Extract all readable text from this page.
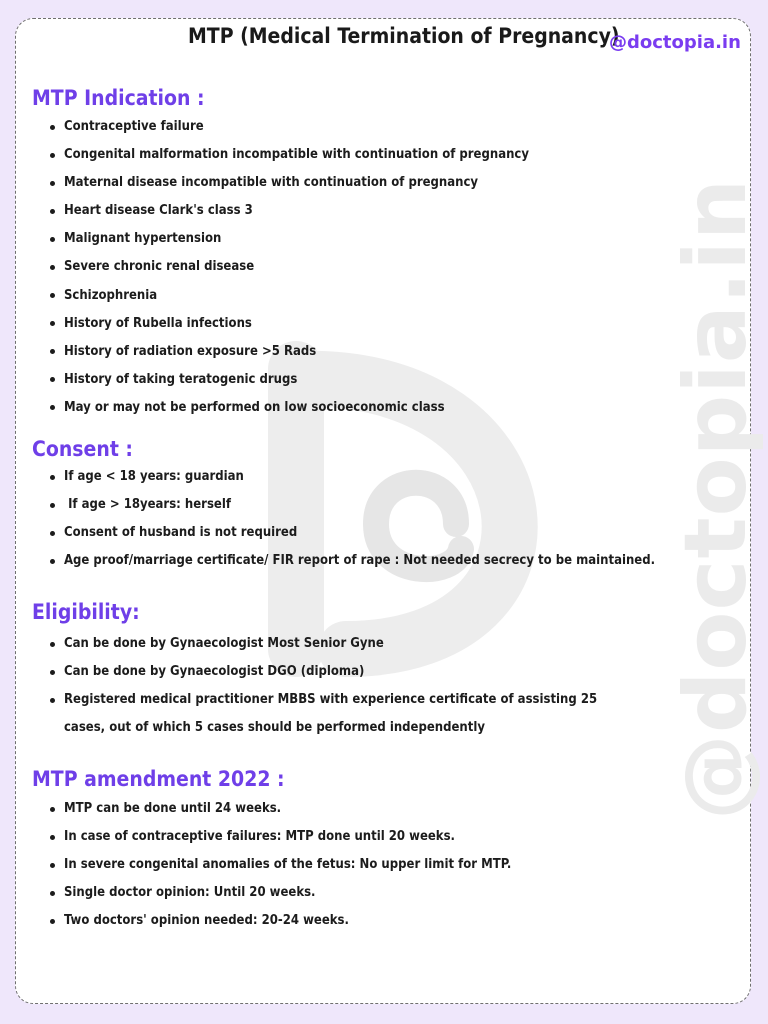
@doctopia.in
MTP (Medical Termination of Pregnancy)
@doctopia.in
MTP Indication :
Contraceptive failure
Congenital malformation incompatible with continuation of pregnancy
Maternal disease incompatible with continuation of pregnancy
Heart disease Clark's class 3
Malignant hypertension
Severe chronic renal disease
Schizophrenia
History of Rubella infections
History of radiation exposure >5 Rads
History of taking teratogenic drugs
May or may not be performed on low socioeconomic class
Consent :
If age < 18 years: guardian
If age > 18years: herself
Consent of husband is not required
Age proof/marriage certificate/ FIR report of rape : Not needed secrecy to be maintained.
Eligibility:
Can be done by Gynaecologist Most Senior Gyne
Can be done by Gynaecologist DGO (diploma)
Registered medical practitioner MBBS with experience certificate of assisting 25 cases, out of which 5 cases should be performed independently
MTP amendment 2022 :
MTP can be done until 24 weeks.
In case of contraceptive failures: MTP done until 20 weeks.
In severe congenital anomalies of the fetus: No upper limit for MTP.
Single doctor opinion: Until 20 weeks.
Two doctors' opinion needed: 20-24 weeks.
